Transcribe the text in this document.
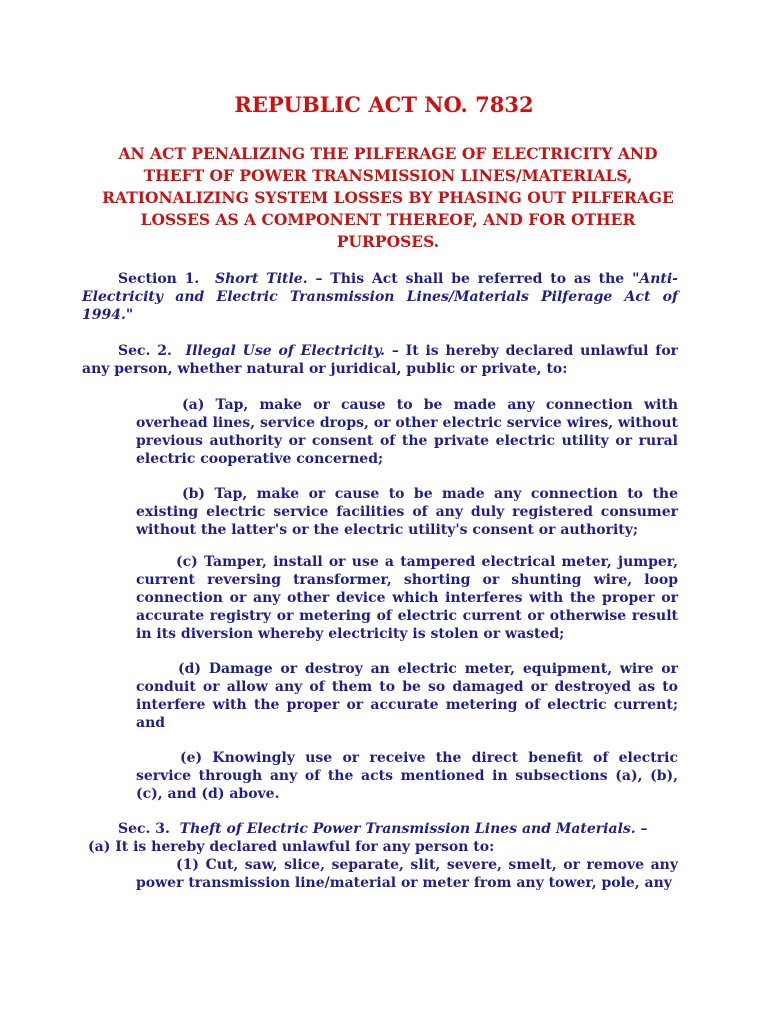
REPUBLIC ACT NO. 7832

AN ACT PENALIZING THE PILFERAGE OF ELECTRICITY AND THEFT OF POWER TRANSMISSION LINES/MATERIALS, RATIONALIZING SYSTEM LOSSES BY PHASING OUT PILFERAGE LOSSES AS A COMPONENT THEREOF, AND FOR OTHER PURPOSES.

Section 1. Short Title. – This Act shall be referred to as the "Anti-Electricity and Electric Transmission Lines/Materials Pilferage Act of 1994."

Sec. 2. Illegal Use of Electricity. – It is hereby declared unlawful for any person, whether natural or juridical, public or private, to:

(a) Tap, make or cause to be made any connection with overhead lines, service drops, or other electric service wires, without previous authority or consent of the private electric utility or rural electric cooperative concerned;

(b) Tap, make or cause to be made any connection to the existing electric service facilities of any duly registered consumer without the latter's or the electric utility's consent or authority;

(c) Tamper, install or use a tampered electrical meter, jumper, current reversing transformer, shorting or shunting wire, loop connection or any other device which interferes with the proper or accurate registry or metering of electric current or otherwise result in its diversion whereby electricity is stolen or wasted;

(d) Damage or destroy an electric meter, equipment, wire or conduit or allow any of them to be so damaged or destroyed as to interfere with the proper or accurate metering of electric current; and

(e) Knowingly use or receive the direct benefit of electric service through any of the acts mentioned in subsections (a), (b), (c), and (d) above.

Sec. 3. Theft of Electric Power Transmission Lines and Materials. –

(a) It is hereby declared unlawful for any person to:

(1) Cut, saw, slice, separate, slit, severe, smelt, or remove any power transmission line/material or meter from any tower, pole, any
